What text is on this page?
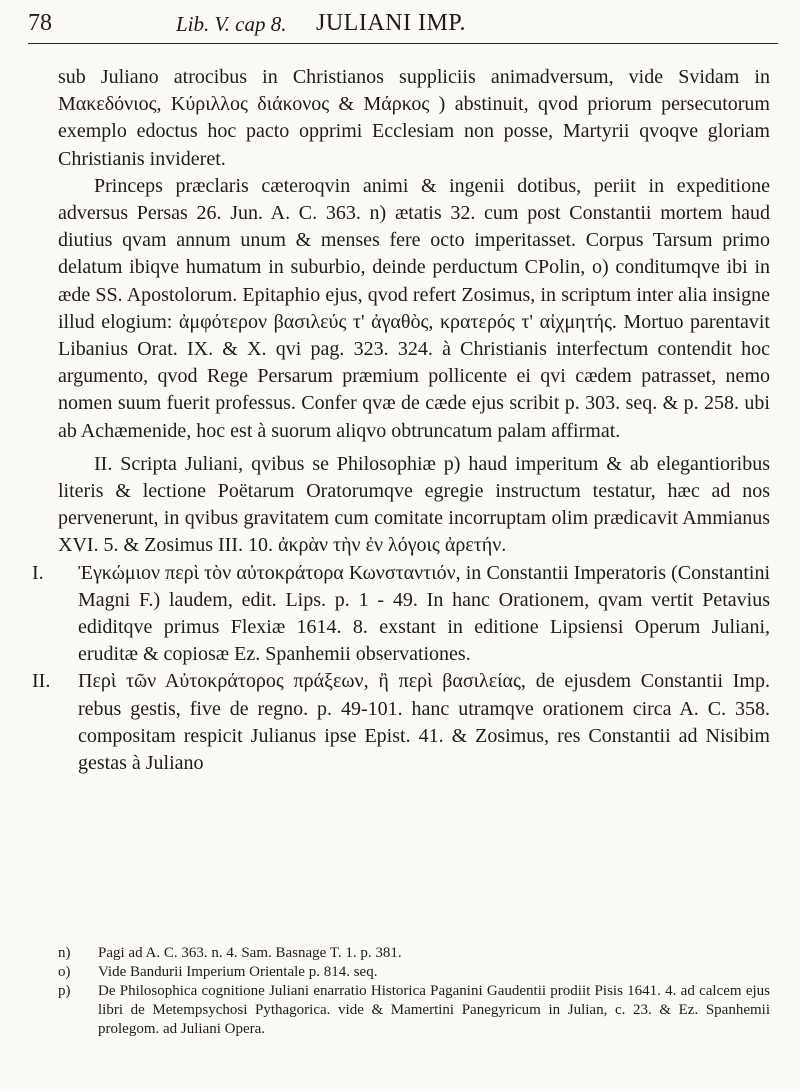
78	Lib. V. cap 8. JULIANI IMP.

sub Juliano atrocibus in Christianos suppliciis animadversum, vide Svidam in Μακεδόνιος, Κύριλλος διάκονος & Μάρκος ) abstinuit, qvod priorum persecutorum exemplo edoctus hoc pacto opprimi Ecclesiam non posse, Martyrii qvoqve gloriam Christianis invideret.

Princeps præclaris cæteroqvin animi & ingenii dotibus, periit in expeditione adversus Persas 26. Jun. A. C. 363. n) ætatis 32. cum post Constantii mortem haud diutius qvam annum unum & menses fere octo imperitasset. Corpus Tarsum primo delatum ibiqve humatum in suburbio, deinde perductum CPolin, o) conditumqve ibi in æde SS. Apostolorum. Epitaphio ejus, qvod refert Zosimus, in scriptum inter alia insigne illud elogium: ἀμφότερον βασιλεύς τ' ἀγαθὸς, κρατερός τ' αἰχμητής. Mortuo parentavit Libanius Orat. IX. & X. qvi pag. 323. 324. à Christianis interfectum contendit hoc argumento, qvod Rege Persarum præmium pollicente ei qvi cædem patrasset, nemo nomen suum fuerit professus. Confer qvæ de cæde ejus scribit p. 303. seq. & p. 258. ubi ab Achæmenide, hoc est à suorum aliqvo obtruncatum palam affirmat.

II. Scripta Juliani, qvibus se Philosophiæ p) haud imperitum & ab elegantioribus literis & lectione Poëtarum Oratorumqve egregie instructum testatur, hæc ad nos pervenerunt, in qvibus gravitatem cum comitate incorruptam olim prædicavit Ammianus XVI. 5. & Zosimus III. 10. ἀκρὰν τὴν ἐν λόγοις ἀρετήν.

I. Ἐγκώμιον περὶ τὸν αὐτοκράτορα Κωνσταντιόν, in Constantii Imperatoris (Constantini Magni F.) laudem, edit. Lips. p. 1 - 49. In hanc Orationem, qvam vertit Petavius ediditqve primus Flexiæ 1614. 8. exstant in editione Lipsiensi Operum Juliani, eruditæ & copiosæ Ez. Spanhemii observationes.
II. Περὶ τῶν Αὐτοκράτορος πράξεων, ἢ περὶ βασιλείας, de ejusdem Constantii Imp. rebus gestis, five de regno. p. 49-101. hanc utramqve orationem circa A. C. 358. compositam respicit Julianus ipse Epist. 41. & Zosimus, res Constantii ad Nisibim gestas à Juliano
n) Pagi ad A. C. 363. n. 4. Sam. Basnage T. 1. p. 381.
o) Vide Bandurii Imperium Orientale p. 814. seq.
p) De Philosophica cognitione Juliani enarratio Historica Paganini Gaudentii prodiit Pisis 1641. 4. ad calcem ejus libri de Metempsychosi Pythagorica. vide & Mamertini Panegyricum in Julian, c. 23. & Ez. Spanhemii prolegom. ad Juliani Opera.
